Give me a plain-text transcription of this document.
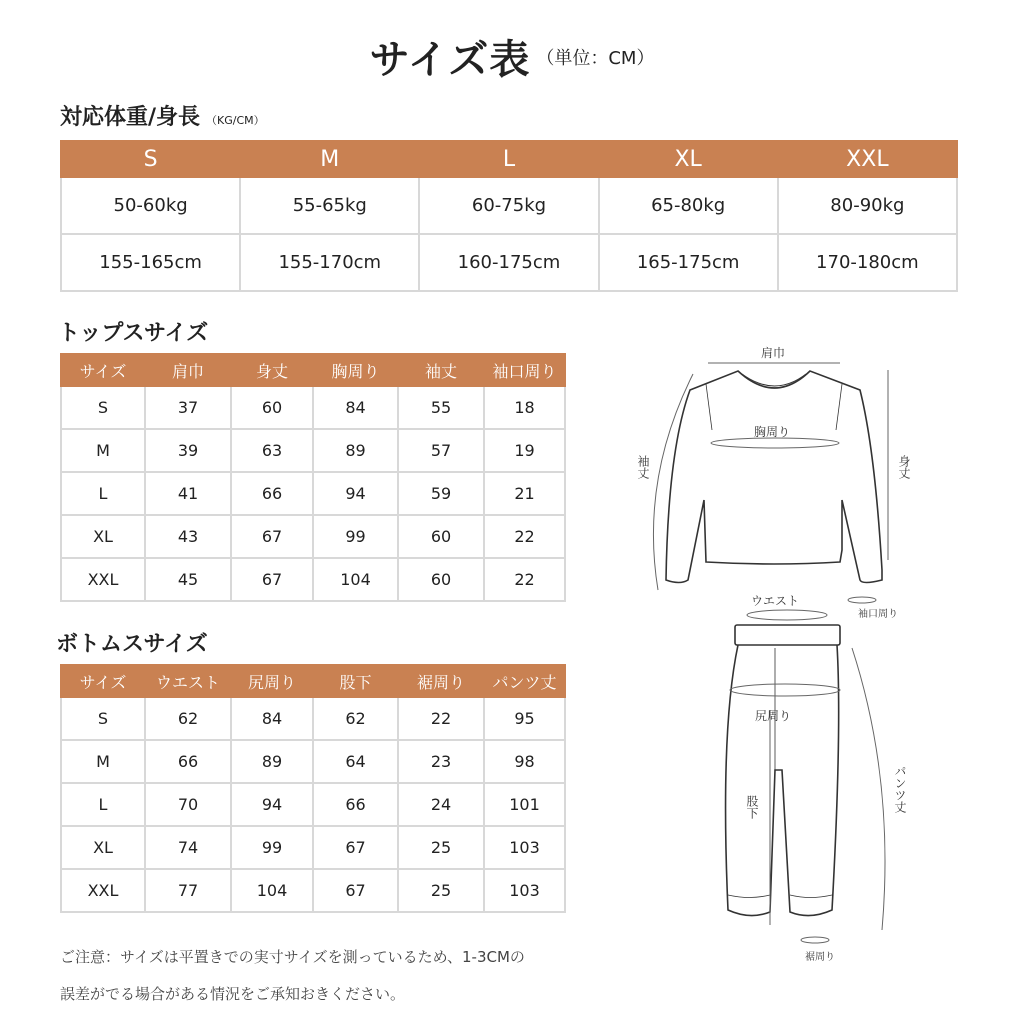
サイズ表 （単位：CM）
対応体重/身長 （KG/CM）
S	M	L	XL	XXL
50-60kg	55-65kg	60-75kg	65-80kg	80-90kg
155-165cm	155-170cm	160-175cm	165-175cm	170-180cm
トップスサイズ
サイズ	肩巾	身丈	胸周り	袖丈	袖口周り
S	37	60	84	55	18
M	39	63	89	57	19
L	41	66	94	59	21
XL	43	67	99	60	22
XXL	45	67	104	60	22
ボトムスサイズ
サイズ	ウエスト	尻周り	股下	裾周り	パンツ丈
S	62	84	62	22	95
M	66	89	64	23	98
L	70	94	66	24	101
XL	74	99	67	25	103
XXL	77	104	67	25	103
ご注意：サイズは平置きでの実寸サイズを測っているため、1-3CMの
誤差がでる場合がある情況をご承知おきください。
肩巾
胸周り
袖丈	身丈
袖口周り
ウエスト
尻周り
股下	パンツ丈
裾周り
